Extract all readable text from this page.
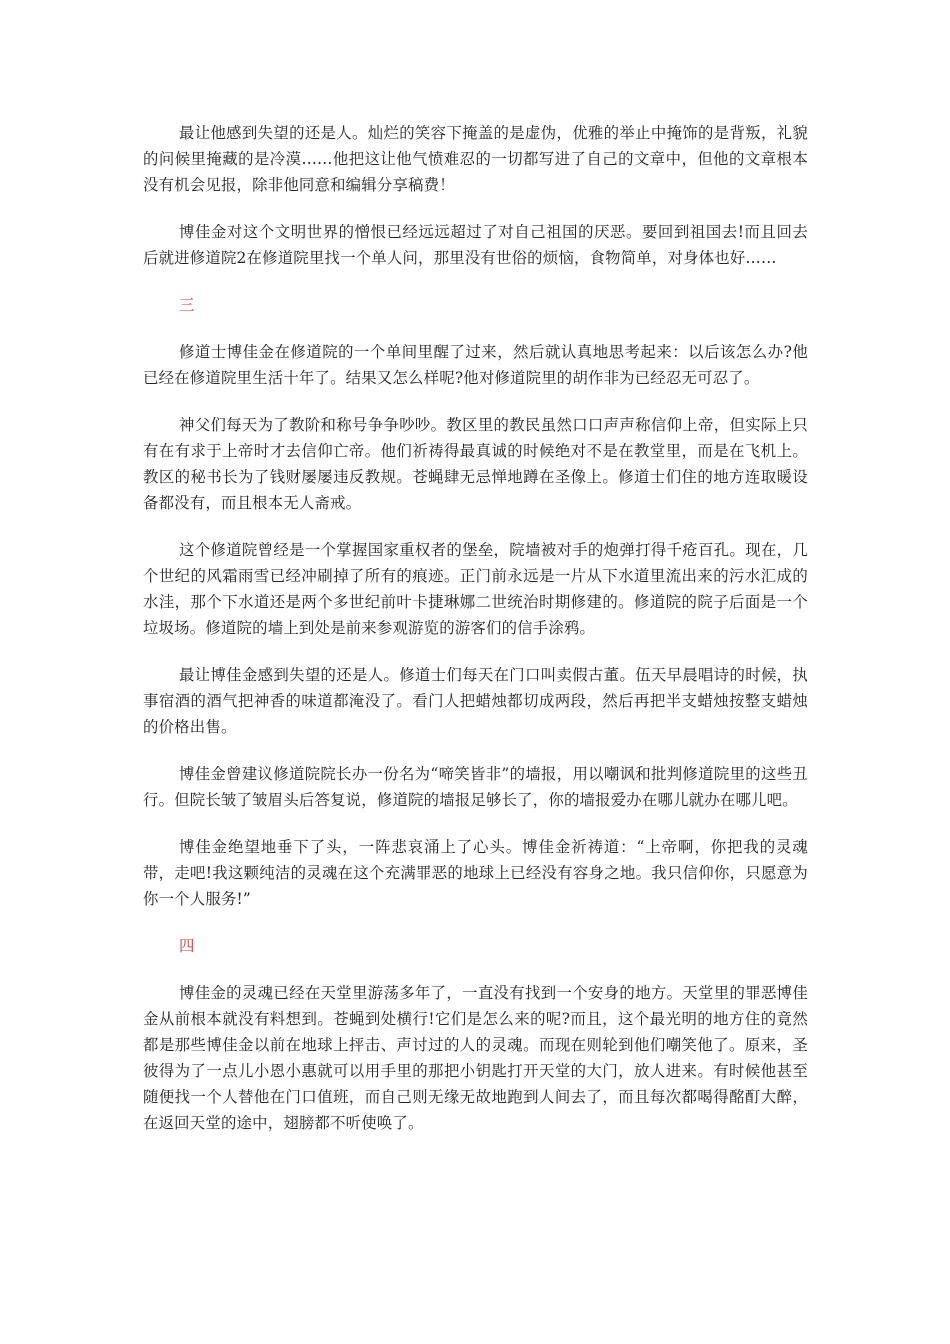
最让他感到失望的还是人。灿烂的笑容下掩盖的是虚伪，优雅的举止中掩饰的是背叛，礼貌的问候里掩藏的是冷漠……他把这让他气愤难忍的一切都写进了自己的文章中，但他的文章根本没有机会见报，除非他同意和编辑分享稿费！

博佳金对这个文明世界的憎恨已经远远超过了对自己祖国的厌恶。要回到祖国去!而且回去后就进修道院2在修道院里找一个单人问，那里没有世俗的烦恼，食物简单，对身体也好……

三

修道士博佳金在修道院的一个单间里醒了过来，然后就认真地思考起来：以后该怎么办?他已经在修道院里生活十年了。结果又怎么样呢?他对修道院里的胡作非为已经忍无可忍了。

神父们每天为了教阶和称号争争吵吵。教区里的教民虽然口口声声称信仰上帝，但实际上只有在有求于上帝时才去信仰亡帝。他们祈祷得最真诚的时候绝对不是在教堂里，而是在飞机上。教区的秘书长为了钱财屡屡违反教规。苍蝇肆无忌惮地蹲在圣像上。修道士们住的地方连取暖设备都没有，而且根本无人斋戒。

这个修道院曾经是一个掌握国家重权者的堡垒，院墙被对手的炮弹打得千疮百孔。现在，几个世纪的风霜雨雪已经冲刷掉了所有的痕迹。正门前永远是一片从下水道里流出来的污水汇成的水洼，那个下水道还是两个多世纪前叶卡捷琳娜二世统治时期修建的。修道院的院子后面是一个垃圾场。修道院的墙上到处是前来参观游览的游客们的信手涂鸦。

最让博佳金感到失望的还是人。修道士们每天在门口叫卖假古董。伍天早晨唱诗的时候，执事宿酒的酒气把神香的味道都淹没了。看门人把蜡烛都切成两段，然后再把半支蜡烛按整支蜡烛的价格出售。

博佳金曾建议修道院院长办一份名为“啼笑皆非”的墙报，用以嘲讽和批判修道院里的这些丑行。但院长皱了皱眉头后答复说，修道院的墙报足够长了，你的墙报爱办在哪儿就办在哪儿吧。

博佳金绝望地垂下了头，一阵悲哀涌上了心头。博佳金祈祷道：“上帝啊，你把我的灵魂带，走吧!我这颗纯洁的灵魂在这个充满罪恶的地球上已经没有容身之地。我只信仰你，只愿意为你一个人服务!”

四

博佳金的灵魂已经在天堂里游荡多年了，一直没有找到一个安身的地方。天堂里的罪恶博佳金从前根本就没有料想到。苍蝇到处横行!它们是怎么来的呢?而且，这个最光明的地方住的竟然都是那些博佳金以前在地球上抨击、声讨过的人的灵魂。而现在则轮到他们嘲笑他了。原来，圣彼得为了一点儿小恩小惠就可以用手里的那把小钥匙打开天堂的大门，放人进来。有时候他甚至随便找一个人替他在门口值班，而自己则无缘无故地跑到人间去了，而且每次都喝得酩酊大醉，在返回天堂的途中，翅膀都不听使唤了。
